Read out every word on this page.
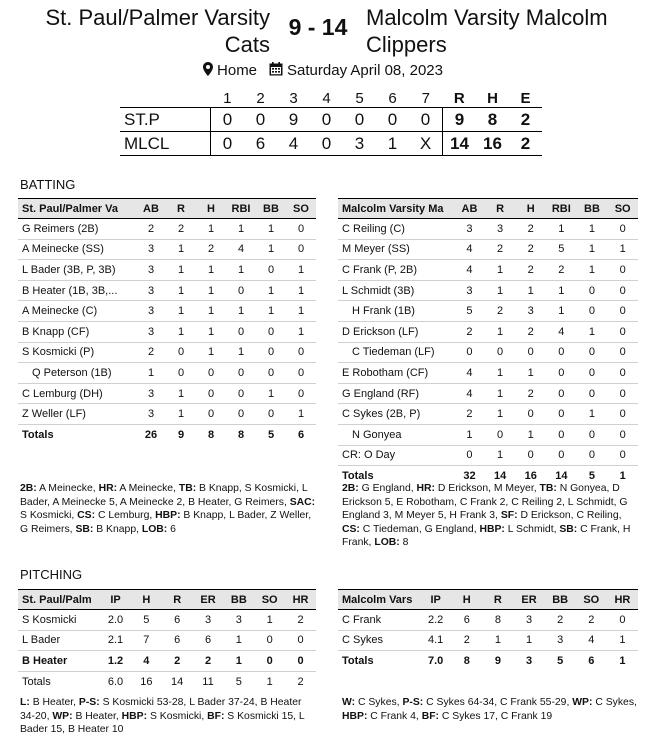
St. Paul/Palmer Varsity Cats
9 - 14 Malcolm Varsity Malcolm Clippers
Home Saturday April 08, 2023
	1	2	3	4	5	6	7	R	H	E
ST.P	0	0	9	0	0	0	0	9	8	2
MLCL	0	6	4	0	3	1	X	14	16	2
BATTING
St. Paul/Palmer Va	AB	R	H	RBI	BB	SO
G Reimers (2B)	2	2	1	1	1	0
A Meinecke (SS)	3	1	2	4	1	0
L Bader (3B, P, 3B)	3	1	1	1	0	1
B Heater (1B, 3B,...	3	1	1	0	1	1
A Meinecke (C)	3	1	1	1	1	1
B Knapp (CF)	3	1	1	0	0	1
S Kosmicki (P)	2	0	1	1	0	0
Q Peterson (1B)	1	0	0	0	0	0
C Lemburg (DH)	3	1	0	0	1	0
Z Weller (LF)	3	1	0	0	0	1
Totals	26	9	8	8	5	6
Malcolm Varsity Ma	AB	R	H	RBI	BB	SO
C Reiling (C)	3	3	2	1	1	0
M Meyer (SS)	4	2	2	5	1	1
C Frank (P, 2B)	4	1	2	2	1	0
L Schmidt (3B)	3	1	1	1	0	0
H Frank (1B)	5	2	3	1	0	0
D Erickson (LF)	2	1	2	4	1	0
C Tiedeman (LF)	0	0	0	0	0	0
E Robotham (CF)	4	1	1	0	0	0
G England (RF)	4	1	2	0	0	0
C Sykes (2B, P)	2	1	0	0	1	0
N Gonyea	1	0	1	0	0	0
CR: O Day	0	1	0	0	0	0
Totals	32	14	16	14	5	1
2B: A Meinecke, HR: A Meinecke, TB: B Knapp, S Kosmicki, L Bader, A Meinecke 5, A Meinecke 2, B Heater, G Reimers, SAC: S Kosmicki, CS: C Lemburg, HBP: B Knapp, L Bader, Z Weller, G Reimers, SB: B Knapp, LOB: 6
2B: G England, HR: D Erickson, M Meyer, TB: N Gonyea, D Erickson 5, E Robotham, C Frank 2, C Reiling 2, L Schmidt, G England 3, M Meyer 5, H Frank 3, SF: D Erickson, C Reiling, CS: C Tiedeman, G England, HBP: L Schmidt, SB: C Frank, H Frank, LOB: 8
PITCHING
St. Paul/Palm	IP	H	R	ER	BB	SO	HR
S Kosmicki	2.0	5	6	3	3	1	2
L Bader	2.1	7	6	6	1	0	0
B Heater	1.2	4	2	2	1	0	0
Totals	6.0	16	14	11	5	1	2
Malcolm Vars	IP	H	R	ER	BB	SO	HR
C Frank	2.2	6	8	3	2	2	0
C Sykes	4.1	2	1	1	3	4	1
Totals	7.0	8	9	3	5	6	1
L: B Heater, P-S: S Kosmicki 53-28, L Bader 37-24, B Heater 34-20, WP: B Heater, HBP: S Kosmicki, BF: S Kosmicki 15, L Bader 15, B Heater 10
W: C Sykes, P-S: C Sykes 64-34, C Frank 55-29, WP: C Sykes, HBP: C Frank 4, BF: C Sykes 17, C Frank 19
